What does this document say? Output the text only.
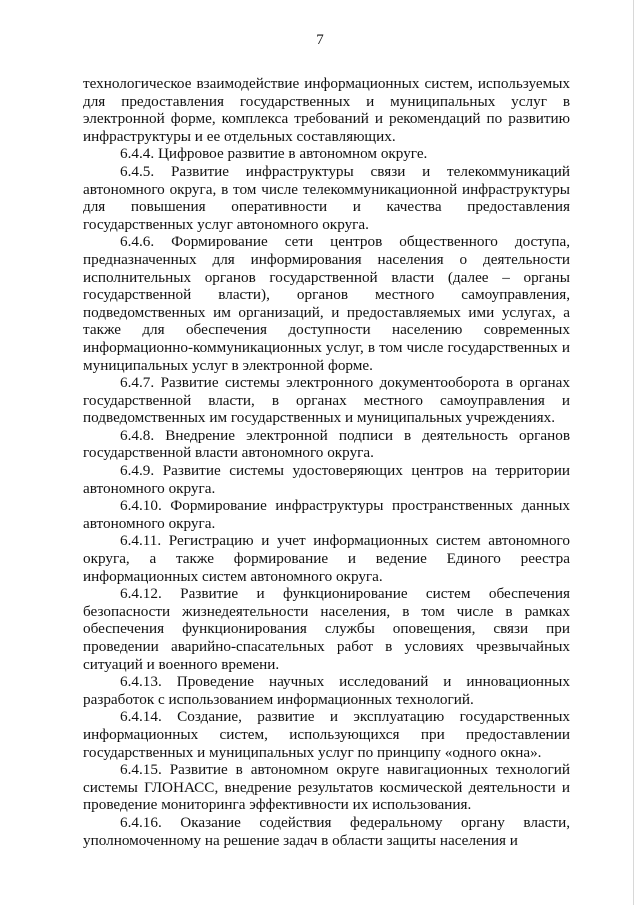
7

технологическое взаимодействие информационных систем, используемых для предоставления государственных и муниципальных услуг в электронной форме, комплекса требований и рекомендаций по развитию инфраструктуры и ее отдельных составляющих.

6.4.4. Цифровое развитие в автономном округе.

6.4.5. Развитие инфраструктуры связи и телекоммуникаций автономного округа, в том числе телекоммуникационной инфраструктуры для повышения оперативности и качества предоставления государственных услуг автономного округа.

6.4.6. Формирование сети центров общественного доступа, предназначенных для информирования населения о деятельности исполнительных органов государственной власти (далее – органы государственной власти), органов местного самоуправления, подведомственных им организаций, и предоставляемых ими услугах, а также для обеспечения доступности населению современных информационно-коммуникационных услуг, в том числе государственных и муниципальных услуг в электронной форме.

6.4.7. Развитие системы электронного документооборота в органах государственной власти, в органах местного самоуправления и подведомственных им государственных и муниципальных учреждениях.

6.4.8. Внедрение электронной подписи в деятельность органов государственной власти автономного округа.

6.4.9. Развитие системы удостоверяющих центров на территории автономного округа.

6.4.10. Формирование инфраструктуры пространственных данных автономного округа.

6.4.11. Регистрацию и учет информационных систем автономного округа, а также формирование и ведение Единого реестра информационных систем автономного округа.

6.4.12. Развитие и функционирование систем обеспечения безопасности жизнедеятельности населения, в том числе в рамках обеспечения функционирования службы оповещения, связи при проведении аварийно-спасательных работ в условиях чрезвычайных ситуаций и военного времени.

6.4.13. Проведение научных исследований и инновационных разработок с использованием информационных технологий.

6.4.14. Создание, развитие и эксплуатацию государственных информационных систем, использующихся при предоставлении государственных и муниципальных услуг по принципу «одного окна».

6.4.15. Развитие в автономном округе навигационных технологий системы ГЛОНАСС, внедрение результатов космической деятельности и проведение мониторинга эффективности их использования.

6.4.16. Оказание содействия федеральному органу власти, уполномоченному на решение задач в области защиты населения и
